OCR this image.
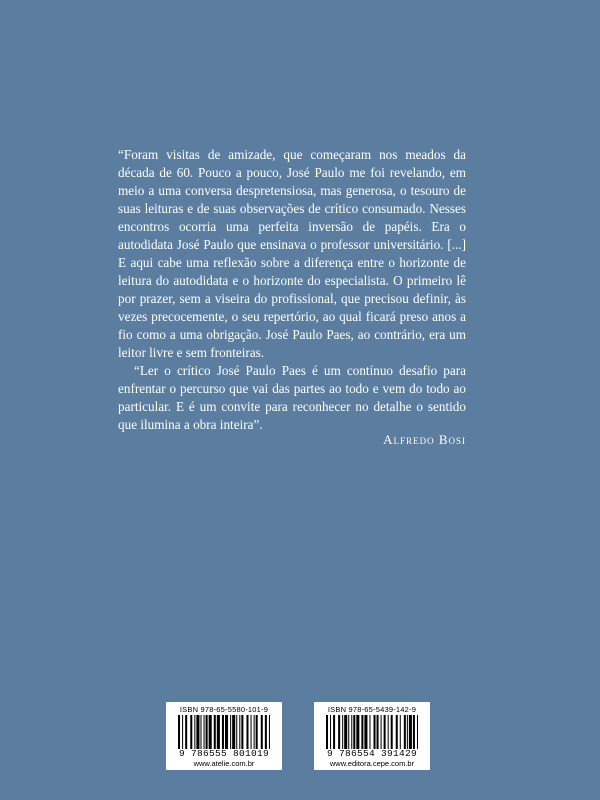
“Foram visitas de amizade, que começaram nos meados da década de 60. Pouco a pouco, José Paulo me foi revelando, em meio a uma conversa despretensiosa, mas generosa, o tesouro de suas leituras e de suas observações de crítico consumado. Nesses encontros ocorria uma perfeita inversão de papéis. Era o autodidata José Paulo que ensinava o professor universitário. [...] E aqui cabe uma reflexão sobre a diferença entre o horizonte de leitura do autodidata e o horizonte do especialista. O primeiro lê por prazer, sem a viseira do profissional, que precisou definir, às vezes precocemente, o seu repertório, ao qual ficará preso anos a fio como a uma obrigação. José Paulo Paes, ao contrário, era um leitor livre e sem fronteiras.

“Ler o crítico José Paulo Paes é um contínuo desafio para enfrentar o percurso que vai das partes ao todo e vem do todo ao particular. E é um convite para reconhecer no detalhe o sentido que ilumina a obra inteira”.

Alfredo Bosi
ISBN 978-65-5580-101-9
9 786555 801019
www.atelie.com.br
ISBN 978-65-5439-142-9
9 786554 391429
www.editora.cepe.com.br
